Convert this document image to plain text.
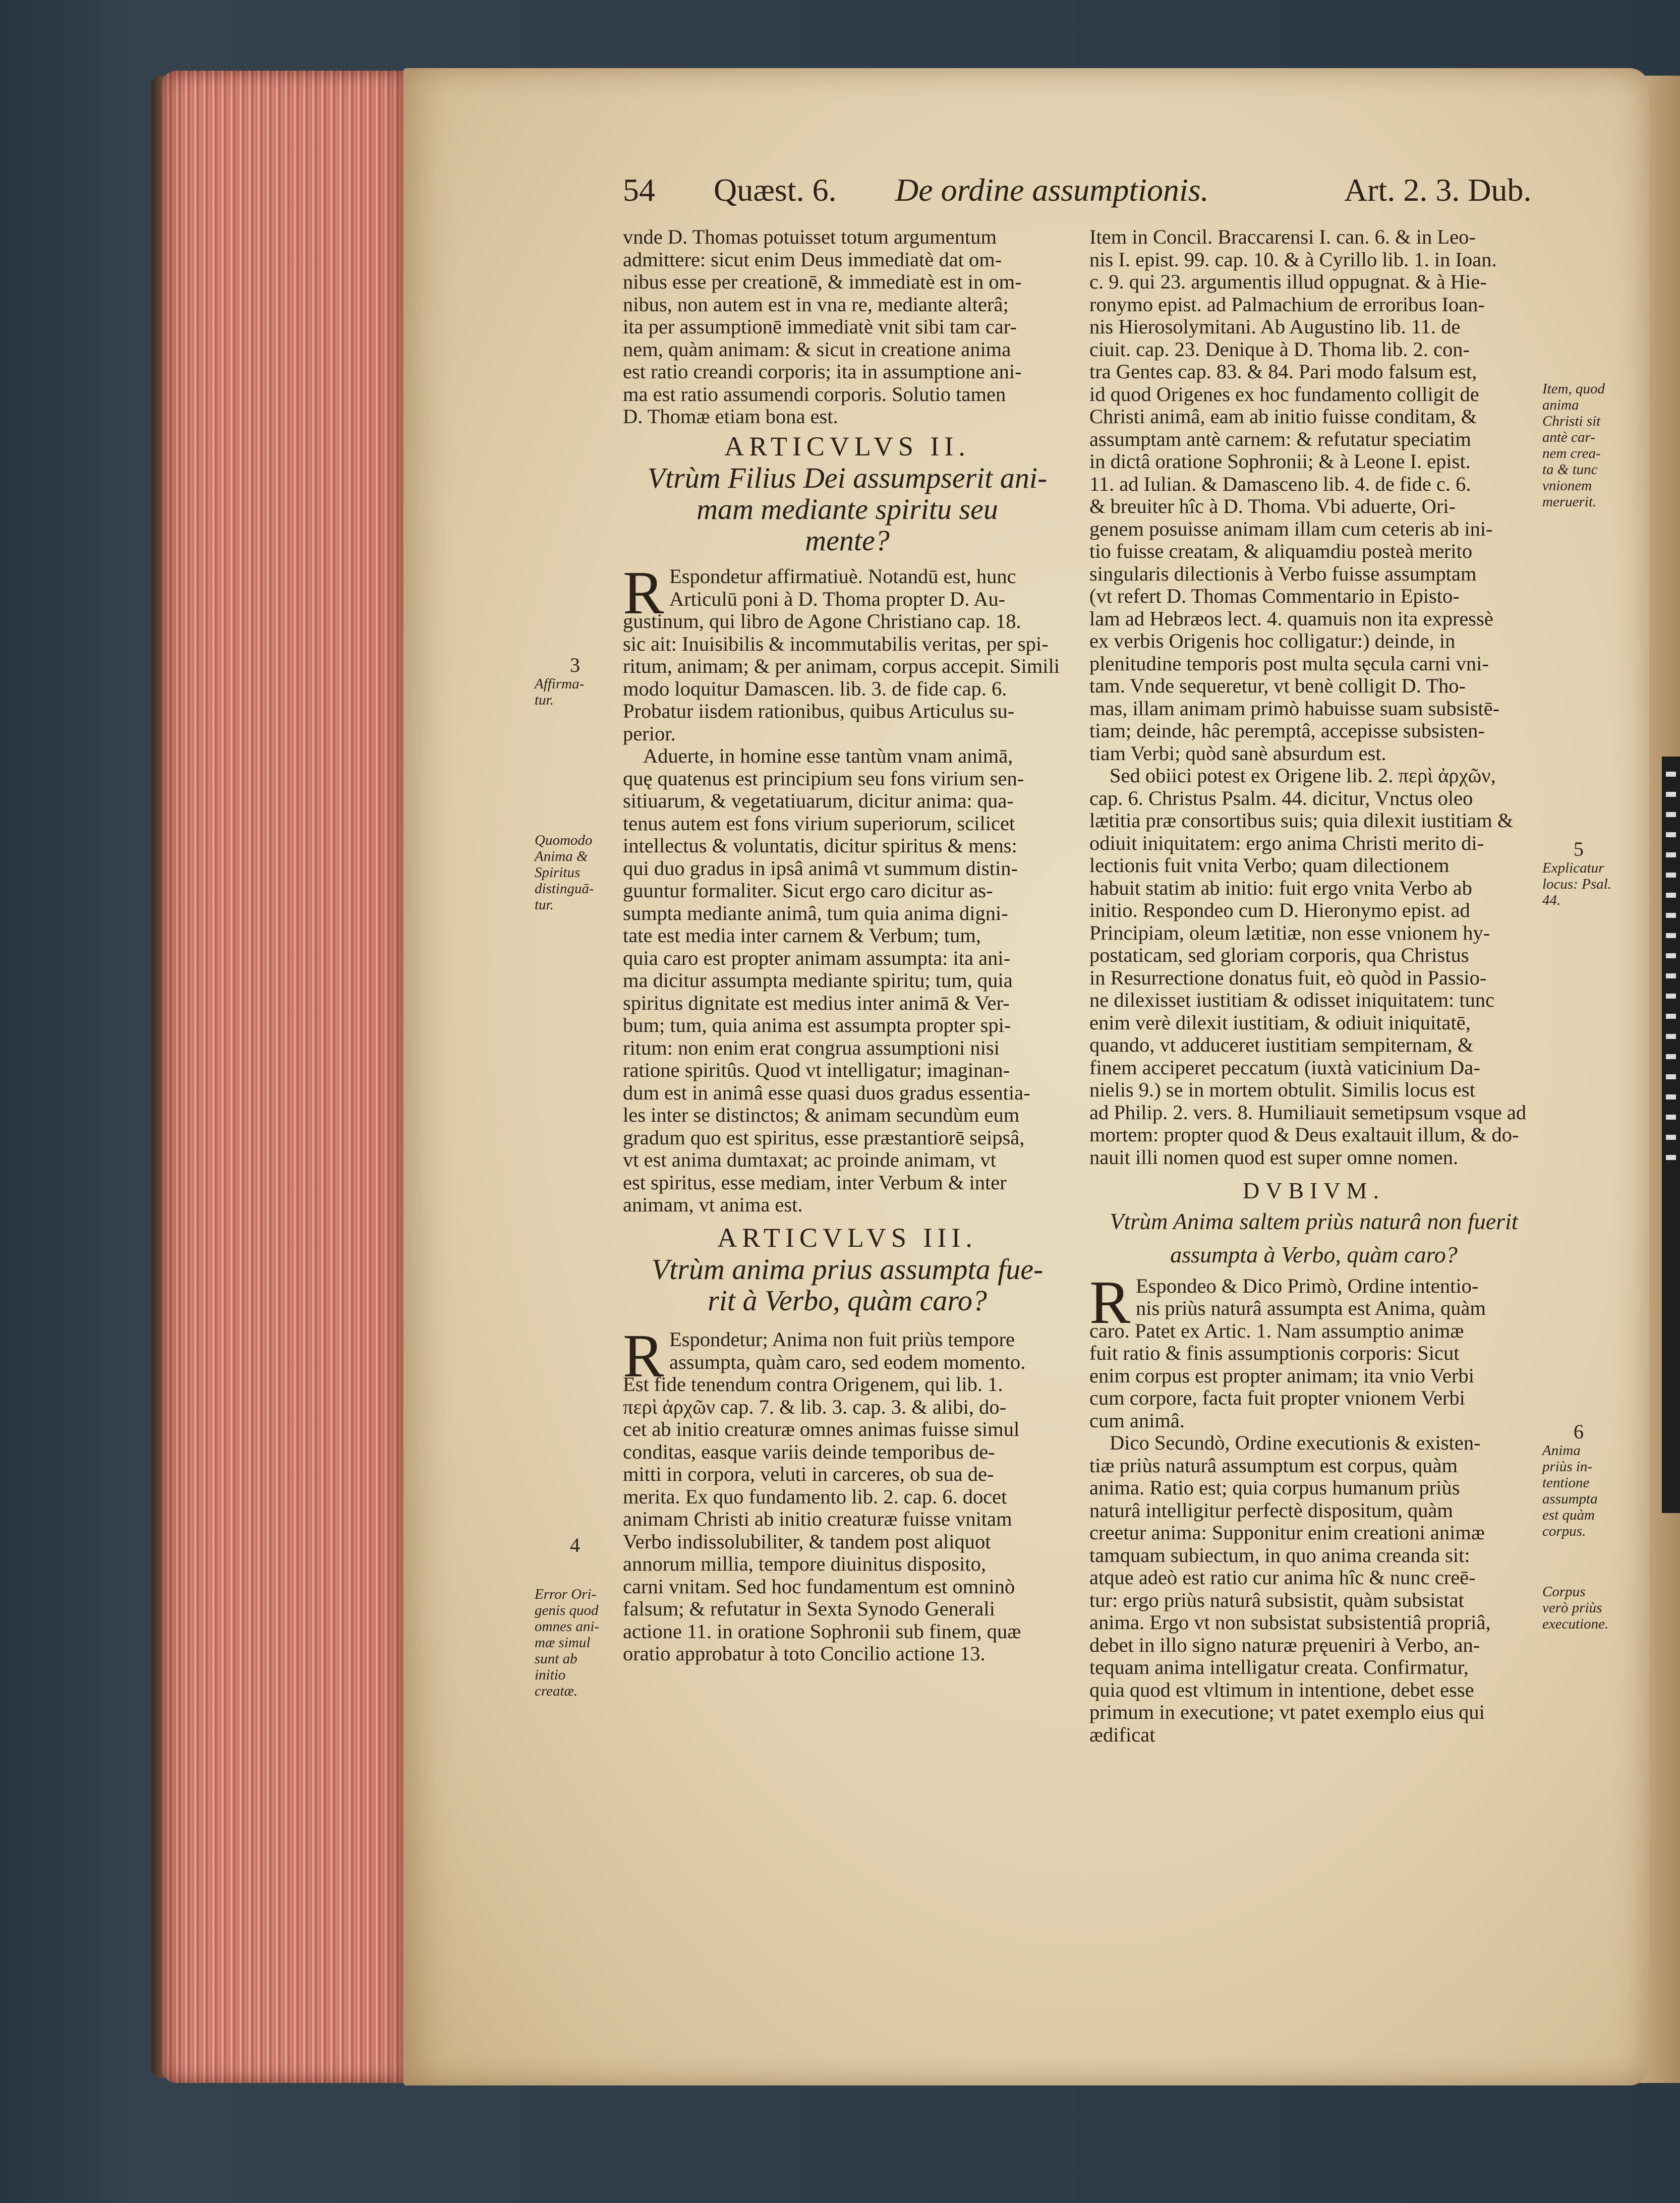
54 Quæst. 6. De ordine assumptionis.	Art. 2. 3. Dub.
vnde D. Thomas potuisset totum argumentum
admittere: sicut enim Deus immediatè dat om-
nibus esse per creationē, & immediatè est in om-
nibus, non autem est in vna re, mediante alterâ;
ita per assumptionē immediatè vnit sibi tam car-
nem, quàm animam: & sicut in creatione anima
est ratio creandi corporis; ita in assumptione ani-
ma est ratio assumendi corporis. Solutio tamen
D. Thomæ etiam bona est.
ARTICVLVS II.
Vtrùm Filius Dei assumpserit ani-
mam mediante spiritu seu
mente?
R Espondetur affirmatiuè. Notandū est, hunc
Articulū poni à D. Thoma propter D. Au-
gustinum, qui libro de Agone Christiano cap. 18.
sic ait: Inuisibilis & incommutabilis veritas, per spi-
ritum, animam; & per animam, corpus accepit. Simili
modo loquitur Damascen. lib. 3. de fide cap. 6.
Probatur iisdem rationibus, quibus Articulus su-
perior.
Aduerte, in homine esse tantùm vnam animā,
quę quatenus est principium seu fons virium sen-
sitiuarum, & vegetatiuarum, dicitur anima: qua-
tenus autem est fons virium superiorum, scilicet
intellectus & voluntatis, dicitur spiritus & mens:
qui duo gradus in ipsâ animâ vt summum distin-
guuntur formaliter. Sicut ergo caro dicitur as-
sumpta mediante animâ, tum quia anima digni-
tate est media inter carnem & Verbum; tum,
quia caro est propter animam assumpta: ita ani-
ma dicitur assumpta mediante spiritu; tum, quia
spiritus dignitate est medius inter animā & Ver-
bum; tum, quia anima est assumpta propter spi-
ritum: non enim erat congrua assumptioni nisi
ratione spiritûs. Quod vt intelligatur; imaginan-
dum est in animâ esse quasi duos gradus essentia-
les inter se distinctos; & animam secundùm eum
gradum quo est spiritus, esse præstantiorē seipsâ,
vt est anima dumtaxat; ac proinde animam, vt
est spiritus, esse mediam, inter Verbum & inter
animam, vt anima est.
ARTICVLVS III.
Vtrùm anima prius assumpta fue-
rit à Verbo, quàm caro?
R Espondetur; Anima non fuit priùs tempore
assumpta, quàm caro, sed eodem momento.
Est fide tenendum contra Origenem, qui lib. 1.
περὶ ἀρχῶν cap. 7. & lib. 3. cap. 3. & alibi, do-
cet ab initio creaturæ omnes animas fuisse simul
conditas, easque variis deinde temporibus de-
mitti in corpora, veluti in carceres, ob sua de-
merita. Ex quo fundamento lib. 2. cap. 6. docet
animam Christi ab initio creaturæ fuisse vnitam
Verbo indissolubiliter, & tandem post aliquot
annorum millia, tempore diuinitus disposito,
carni vnitam. Sed hoc fundamentum est omninò
falsum; & refutatur in Sexta Synodo Generali
actione 11. in oratione Sophronii sub finem, quæ
oratio approbatur à toto Concilio actione 13.
Item in Concil. Braccarensi I. can. 6. & in Leo-
nis I. epist. 99. cap. 10. & à Cyrillo lib. 1. in Ioan.
c. 9. qui 23. argumentis illud oppugnat. & à Hie-
ronymo epist. ad Palmachium de erroribus Ioan-
nis Hierosolymitani. Ab Augustino lib. 11. de
ciuit. cap. 23. Denique à D. Thoma lib. 2. con-
tra Gentes cap. 83. & 84. Pari modo falsum est,
id quod Origenes ex hoc fundamento colligit de
Christi animâ, eam ab initio fuisse conditam, &
assumptam antè carnem: & refutatur speciatim
in dictâ oratione Sophronii; & à Leone I. epist.
11. ad Iulian. & Damasceno lib. 4. de fide c. 6.
& breuiter hîc à D. Thoma. Vbi aduerte, Ori-
genem posuisse animam illam cum ceteris ab ini-
tio fuisse creatam, & aliquamdiu posteà merito
singularis dilectionis à Verbo fuisse assumptam
(vt refert D. Thomas Commentario in Episto-
lam ad Hebræos lect. 4. quamuis non ita expressè
ex verbis Origenis hoc colligatur:) deinde, in
plenitudine temporis post multa sęcula carni vni-
tam. Vnde sequeretur, vt benè colligit D. Tho-
mas, illam animam primò habuisse suam subsistē-
tiam; deinde, hâc peremptâ, accepisse subsisten-
tiam Verbi; quòd sanè absurdum est.
Sed obiici potest ex Origene lib. 2. περὶ ἀρχῶν,
cap. 6. Christus Psalm. 44. dicitur, Vnctus oleo
lætitia præ consortibus suis; quia dilexit iustitiam &
odiuit iniquitatem: ergo anima Christi merito di-
lectionis fuit vnita Verbo; quam dilectionem
habuit statim ab initio: fuit ergo vnita Verbo ab
initio. Respondeo cum D. Hieronymo epist. ad
Principiam, oleum lætitiæ, non esse vnionem hy-
postaticam, sed gloriam corporis, qua Christus
in Resurrectione donatus fuit, eò quòd in Passio-
ne dilexisset iustitiam & odisset iniquitatem: tunc
enim verè dilexit iustitiam, & odiuit iniquitatē,
quando, vt adduceret iustitiam sempiternam, &
finem acciperet peccatum (iuxtà vaticinium Da-
nielis 9.) se in mortem obtulit. Similis locus est
ad Philip. 2. vers. 8. Humiliauit semetipsum vsque ad
mortem: propter quod & Deus exaltauit illum, & do-
nauit illi nomen quod est super omne nomen.
DVBIVM.
Vtrùm Anima saltem priùs naturâ non fuerit
assumpta à Verbo, quàm caro?
R Espondeo & Dico Primò, Ordine intentio-
nis priùs naturâ assumpta est Anima, quàm
caro. Patet ex Artic. 1. Nam assumptio animæ
fuit ratio & finis assumptionis corporis: Sicut
enim corpus est propter animam; ita vnio Verbi
cum corpore, facta fuit propter vnionem Verbi
cum animâ.
Dico Secundò, Ordine executionis & existen-
tiæ priùs naturâ assumptum est corpus, quàm
anima. Ratio est; quia corpus humanum priùs
naturâ intelligitur perfectè dispositum, quàm
creetur anima: Supponitur enim creationi animæ
tamquam subiectum, in quo anima creanda sit:
atque adeò est ratio cur anima hîc & nunc creē-
tur: ergo priùs naturâ subsistit, quàm subsistat
anima. Ergo vt non subsistat subsistentiâ propriâ,
debet in illo signo naturæ pręueniri à Verbo, an-
tequam anima intelligatur creata. Confirmatur,
quia quod est vltimum in intentione, debet esse
primum in executione; vt patet exemplo eius qui
ædificat
3
Affirma-
tur.
Quomodo
Anima &
Spiritus
distinguā-
tur.
4
Error Ori-
genis quod
omnes ani-
mæ simul
sunt ab
initio
creatæ.
Item, quod
anima
Christi sit
antè car-
nem crea-
ta & tunc
vnionem
meruerit.
5
Explicatur
locus: Psal.
44.
6
Anima
priùs in-
tentione
assumpta
est quàm
corpus.
Corpus
verò priùs
executione.
